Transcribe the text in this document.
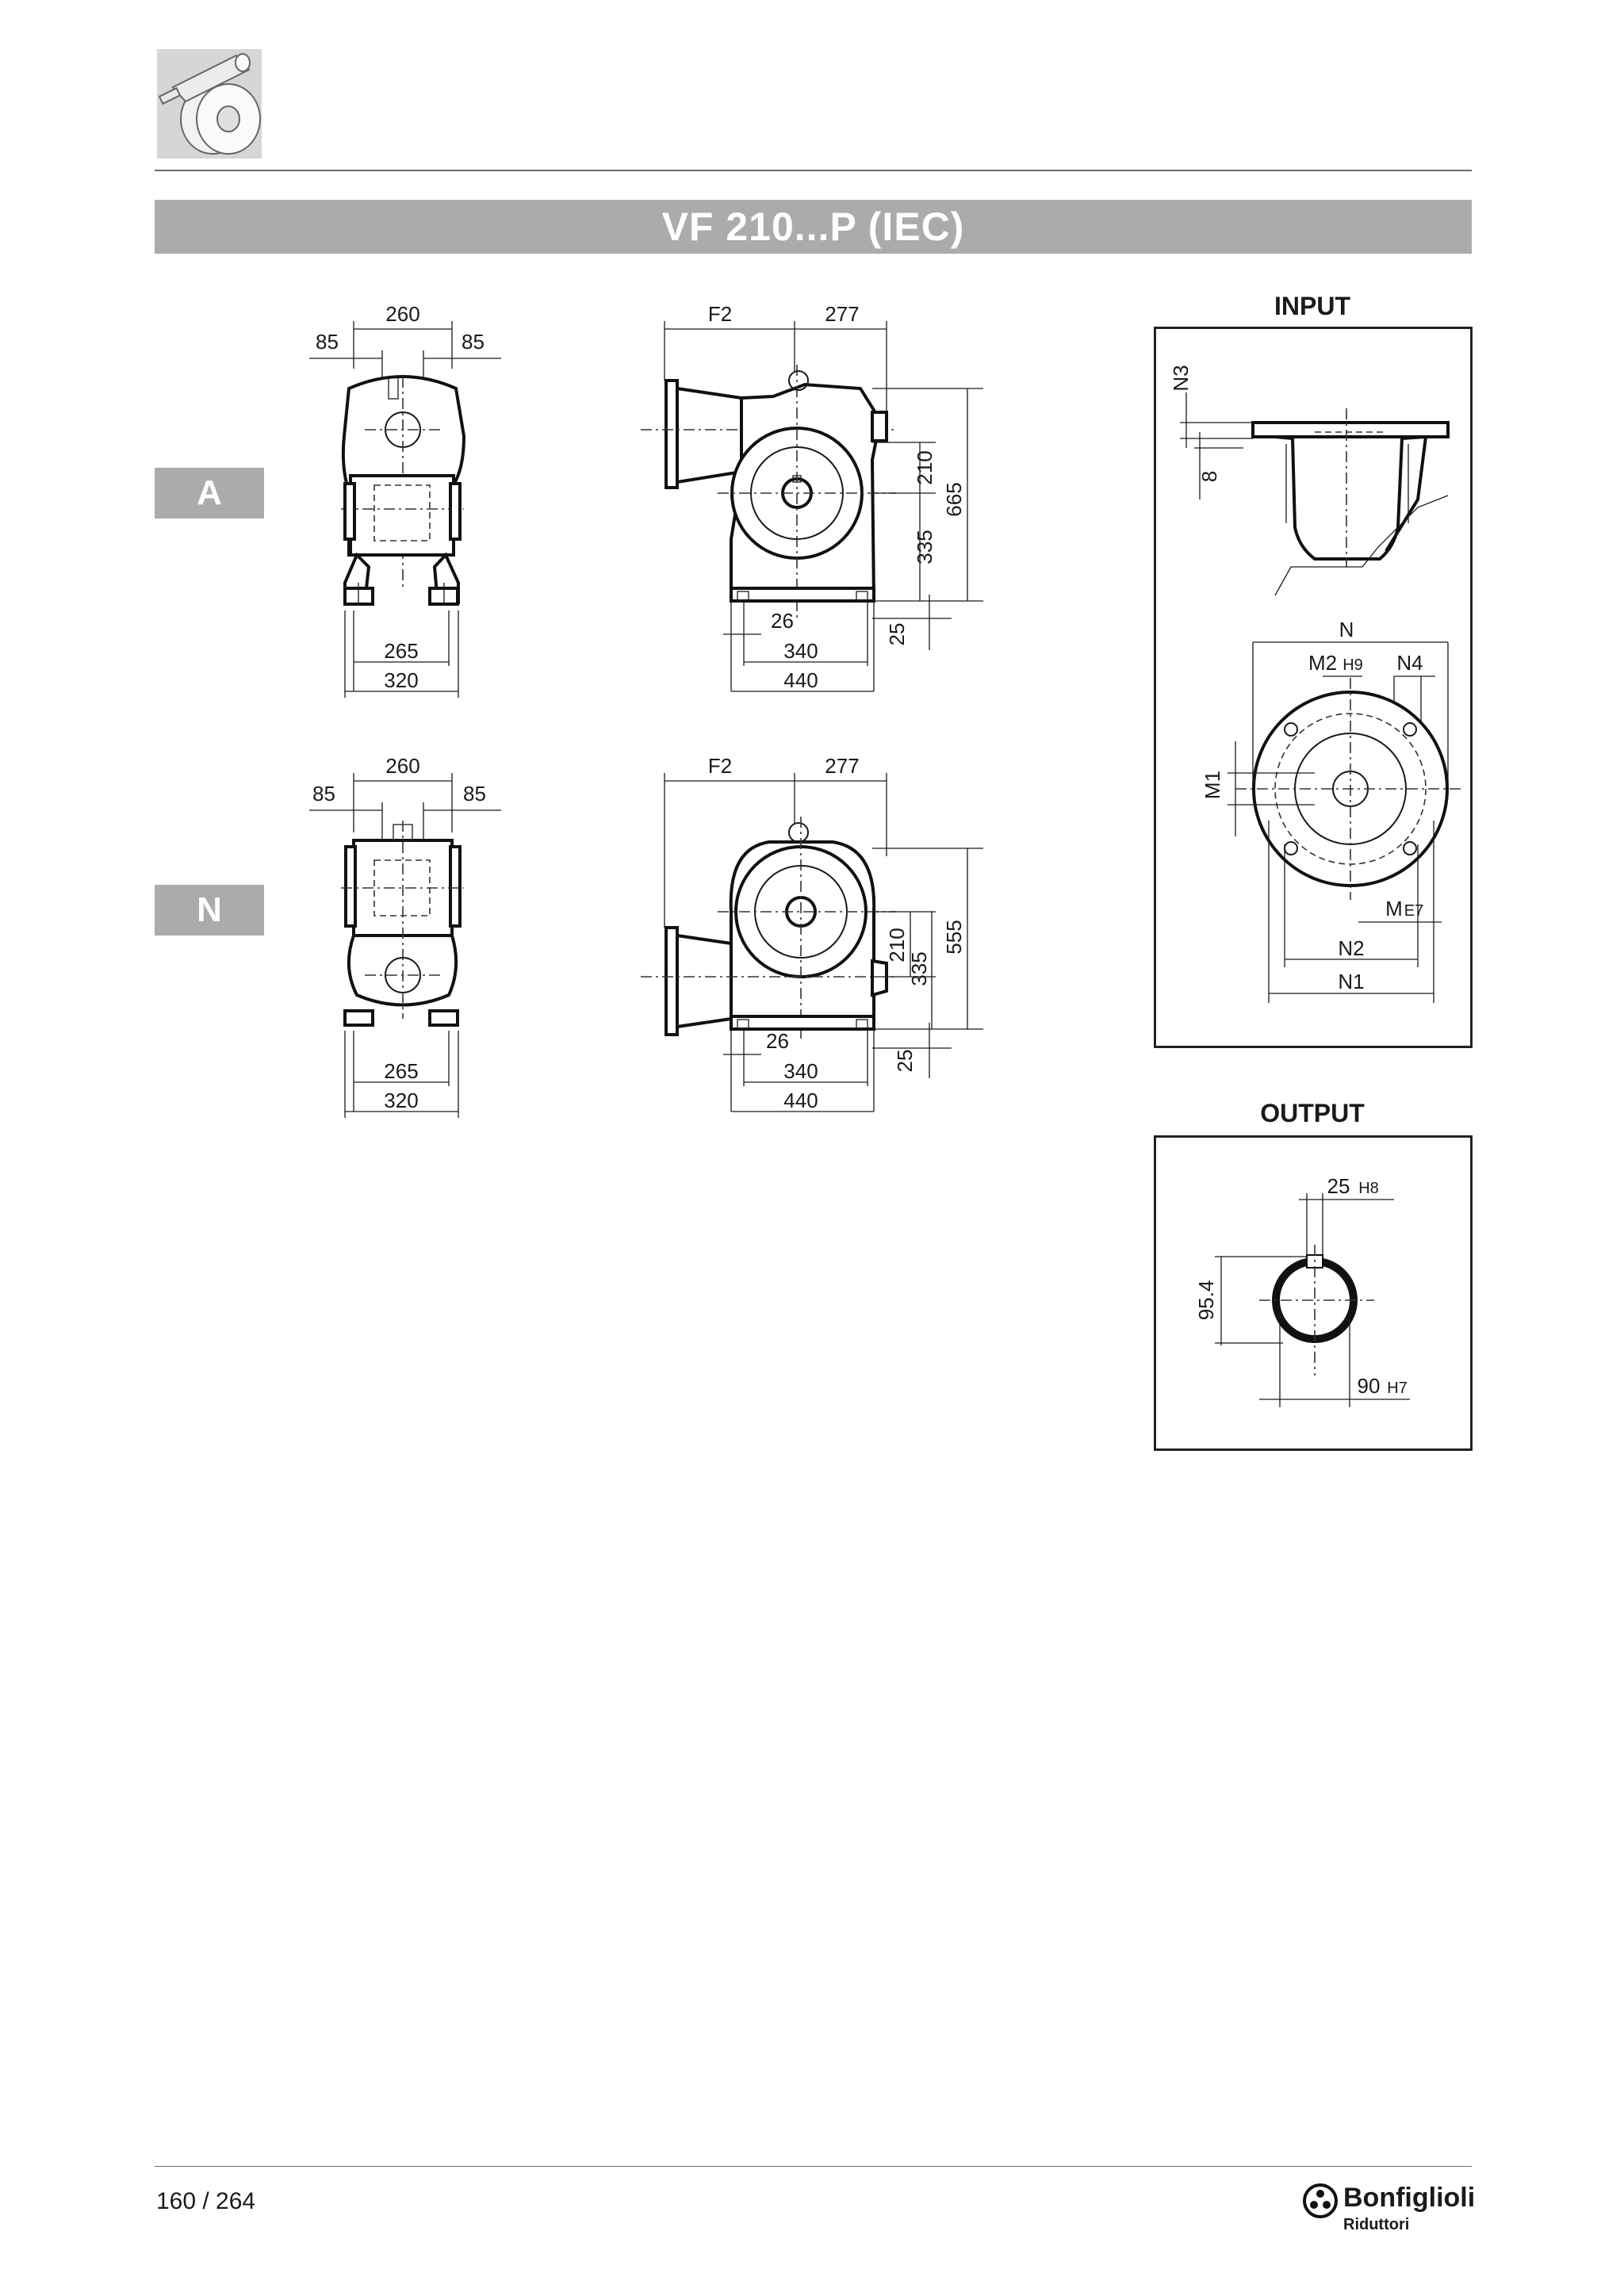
VF 210...P (IEC)
A
N
260
85	85
265
320
F2	277
210
335
665
25
26
340
440
260
85	85
265
320
F2	277
210
335
555
25
26
340
440
INPUT
N3
8
N
M2 H9 N4
M1
M E7
N2
N1
OUTPUT
25 H8
95.4
90 H7
160 / 264	Bonfiglioli
Riduttori
